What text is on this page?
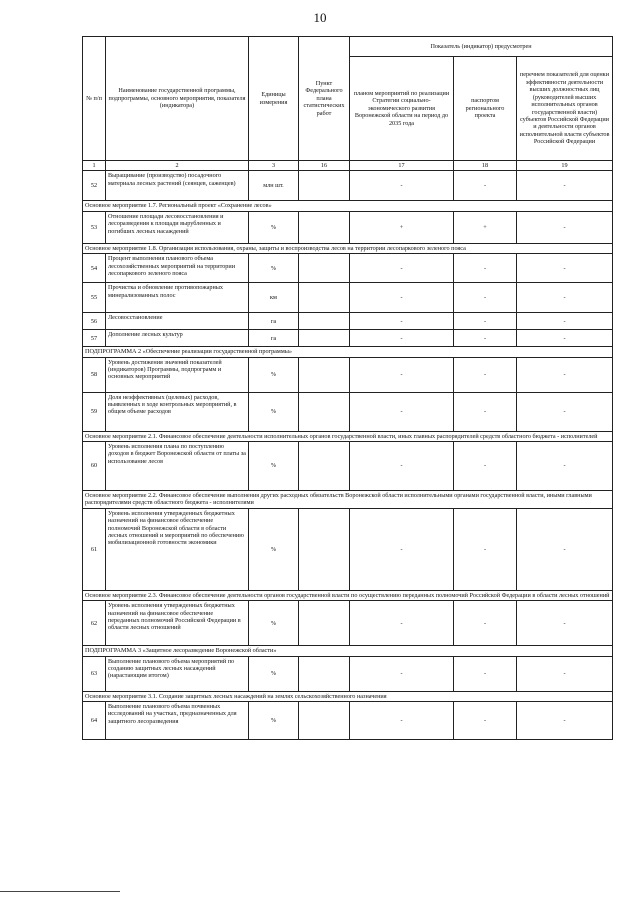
10
№ п/п	Наименование государственной программы, подпрограммы, основного мероприятия, показателя (индикатора)	Единицы измерения	Пункт Федерального плана статистических работ	Показатель (индикатор) предусмотрен		
				планом мероприятий по реализации Стратегии социально-экономического развития Воронежской области на период до 2035 года	паспортом регионального проекта	перечнем показателей для оценки эффективности деятельности высших должностных лиц (руководителей высших исполнительных органов государственной власти) субъектов Российской Федерации и деятельности органов исполнительной власти субъектов Российской Федерации
1	2	3	16	17	18	19
52	Выращивание (производство) посадочного материала лесных растений (сеянцев, саженцев)	млн шт.		-	-	-
Основное мероприятие 1.7. Региональный проект «Сохранение лесов»						
53	Отношение площади лесовосстановления и лесоразведения к площади вырубленных и погибших лесных насаждений	%		+	+	-
Основное мероприятие 1.8. Организация использования, охраны, защиты и воспроизводства лесов на территории лесопаркового зеленого пояса						
54	Процент выполнения планового объема лесохозяйственных мероприятий на территории лесопаркового зеленого пояса	%		-	-	-
55	Прочистка и обновление противопожарных минерализованных полос	км		-	-	-
56	Лесовосстановление	га		-	-	-
57	Дополнение лесных культур	га		-	-	-
ПОДПРОГРАММА 2 «Обеспечение реализации государственной программы»						
58	Уровень достижения значений показателей (индикаторов) Программы, подпрограмм и основных мероприятий	%		-	-	-
59	Доля неэффективных (целевых) расходов, выявленных в ходе контрольных мероприятий, в общем объеме расходов	%		-	-	-
Основное мероприятие 2.1. Финансовое обеспечение деятельности исполнительных органов государственной власти, иных главных распорядителей средств областного бюджета - исполнителей						
60	Уровень исполнения плана по поступлению доходов в бюджет Воронежской области от платы за использование лесов	%		-	-	-
Основное мероприятие 2.2. Финансовое обеспечение выполнения других расходных обязательств Воронежской области исполнительными органами государственной власти, иными главными распорядителями средств областного бюджета - исполнителями						
61	Уровень исполнения утвержденных бюджетных назначений на финансовое обеспечение полномочий Воронежской области в области лесных отношений и мероприятий по обеспечению мобилизационной готовности экономики	%		-	-	-
Основное мероприятие 2.3. Финансовое обеспечение деятельности органов государственной власти по осуществлению переданных полномочий Российской Федерации в области лесных отношений						
62	Уровень исполнения утвержденных бюджетных назначений на финансовое обеспечение переданных полномочий Российской Федерации в области лесных отношений	%		-	-	-
ПОДПРОГРАММА 3 «Защитное лесоразведение Воронежской области»						
63	Выполнение планового объема мероприятий по созданию защитных лесных насаждений (нарастающим итогом)	%		-	-	-
Основное мероприятие 3.1. Создание защитных лесных насаждений на землях сельскохозяйственного назначения						
64	Выполнение планового объема почвенных исследований на участках, предназначенных для защитного лесоразведения	%		-	-	-
